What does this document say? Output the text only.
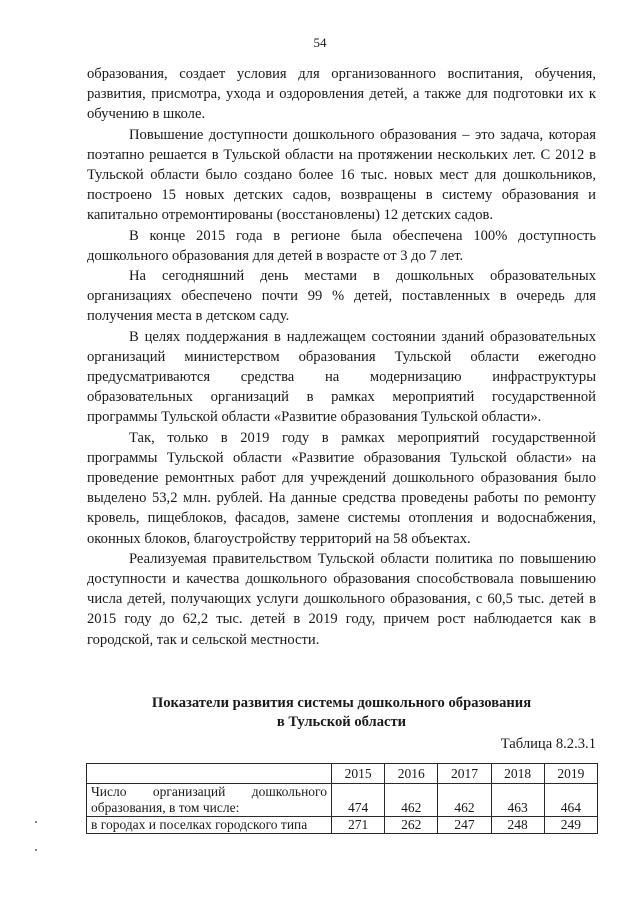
54

образования, создает условия для организованного воспитания, обучения, развития, присмотра, ухода и оздоровления детей, а также для подготовки их к обучению в школе.

Повышение доступности дошкольного образования – это задача, которая поэтапно решается в Тульской области на протяжении нескольких лет. С 2012 в Тульской области было создано более 16 тыс. новых мест для дошкольников, построено 15 новых детских садов, возвращены в систему образования и капитально отремонтированы (восстановлены) 12 детских садов.

В конце 2015 года в регионе была обеспечена 100% доступность дошкольного образования для детей в возрасте от 3 до 7 лет.

На сегодняшний день местами в дошкольных образовательных организациях обеспечено почти 99 % детей, поставленных в очередь для получения места в детском саду.

В целях поддержания в надлежащем состоянии зданий образовательных организаций министерством образования Тульской области ежегодно предусматриваются средства на модернизацию инфраструктуры образовательных организаций в рамках мероприятий государственной программы Тульской области «Развитие образования Тульской области».

Так, только в 2019 году в рамках мероприятий государственной программы Тульской области «Развитие образования Тульской области» на проведение ремонтных работ для учреждений дошкольного образования было выделено 53,2 млн. рублей. На данные средства проведены работы по ремонту кровель, пищеблоков, фасадов, замене системы отопления и водоснабжения, оконных блоков, благоустройству территорий на 58 объектах.

Реализуемая правительством Тульской области политика по повышению доступности и качества дошкольного образования способствовала повышению числа детей, получающих услуги дошкольного образования, с 60,5 тыс. детей в 2015 году до 62,2 тыс. детей в 2019 году, причем рост наблюдается как в городской, так и сельской местности.

Показатели развития системы дошкольного образования
в Тульской области
Таблица 8.2.3.1
	2015	2016	2017	2018	2019
Число организаций дошкольного образования, в том числе:	474	462	462	463	464
в городах и поселках городского типа	271	262	247	248	249
